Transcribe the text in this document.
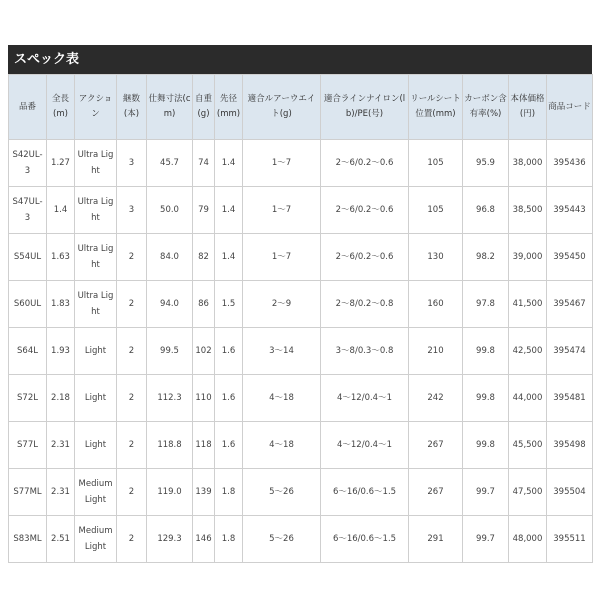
スペック表
品番	全長(m)	アクション	継数(本)	仕舞寸法(cm)	自重(g)	先径(mm)	適合ルアーウエイト(g)	適合ラインナイロン(lb)/PE(号)	リールシート位置(mm)	カーボン含有率(%)	本体価格(円)	商品コード
S42UL-3	1.27	Ultra Light	3	45.7	74	1.4	1〜7	2〜6/0.2〜0.6	105	95.9	38,000	395436
S47UL-3	1.4	Ultra Light	3	50.0	79	1.4	1〜7	2〜6/0.2〜0.6	105	96.8	38,500	395443
S54UL	1.63	Ultra Light	2	84.0	82	1.4	1〜7	2〜6/0.2〜0.6	130	98.2	39,000	395450
S60UL	1.83	Ultra Light	2	94.0	86	1.5	2〜9	2〜8/0.2〜0.8	160	97.8	41,500	395467
S64L	1.93	Light	2	99.5	102	1.6	3〜14	3〜8/0.3〜0.8	210	99.8	42,500	395474
S72L	2.18	Light	2	112.3	110	1.6	4〜18	4〜12/0.4〜1	242	99.8	44,000	395481
S77L	2.31	Light	2	118.8	118	1.6	4〜18	4〜12/0.4〜1	267	99.8	45,500	395498
S77ML	2.31	Medium Light	2	119.0	139	1.8	5〜26	6〜16/0.6〜1.5	267	99.7	47,500	395504
S83ML	2.51	Medium Light	2	129.3	146	1.8	5〜26	6〜16/0.6〜1.5	291	99.7	48,000	395511
